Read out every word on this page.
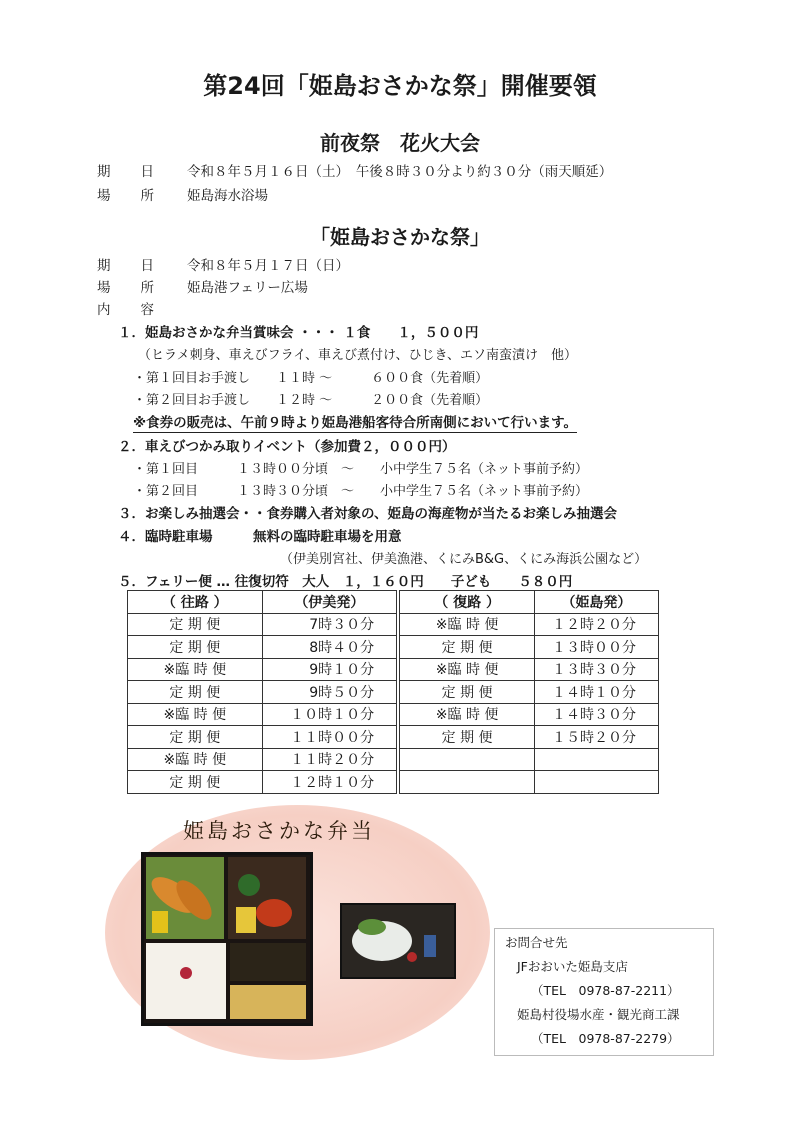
第24回「姫島おさかな祭」開催要領
前夜祭　花火大会
期日 令和８年５月１６日（土）　午後８時３０分より約３０分（雨天順延）
場所 姫島海水浴場
「姫島おさかな祭」
期日 令和８年５月１７日（日）
場所 姫島港フェリー広場
内容
１．姫島おさかな弁当賞味会 ・・・ １食　　１，５００円
（ヒラメ刺身、車えびフライ、車えび煮付け、ひじき、エソ南蛮漬け　他）
・第１回目お手渡し　　１１時 ～　　　６００食（先着順）
・第２回目お手渡し　　１２時 ～　　　２００食（先着順）
※食券の販売は、午前９時より姫島港船客待合所南側において行います。
２．車えびつかみ取りイベント（参加費２，０００円）
・第１回目　　　１３時００分頃　～　　小中学生７５名（ネット事前予約）
・第２回目　　　１３時３０分頃　～　　小中学生７５名（ネット事前予約）
３．お楽しみ抽選会・・食券購入者対象の、姫島の海産物が当たるお楽しみ抽選会
４．臨時駐車場　　　無料の臨時駐車場を用意
（伊美別宮社、伊美漁港、くにみB&G、くにみ海浜公園など）
５．フェリー便 … 往復切符　大人　１，１６０円　　子ども　　５８０円
（ 往路 ）	（伊美発）		（ 復路 ）	（姫島発）
定 期 便	7時３０分		※臨 時 便	１２時２０分
定 期 便	8時４０分		定 期 便	１３時００分
※臨 時 便	9時１０分		※臨 時 便	１３時３０分
定 期 便	9時５０分		定 期 便	１４時１０分
※臨 時 便	１０時１０分		※臨 時 便	１４時３０分
定 期 便	１１時００分		定 期 便	１５時２０分
※臨 時 便	１１時２０分			
定 期 便	１２時１０分			
姫島おさかな弁当
お問合せ先
JFおおいた姫島支店
（TEL　0978-87-2211）
姫島村役場水産・観光商工課
（TEL　0978-87-2279）
